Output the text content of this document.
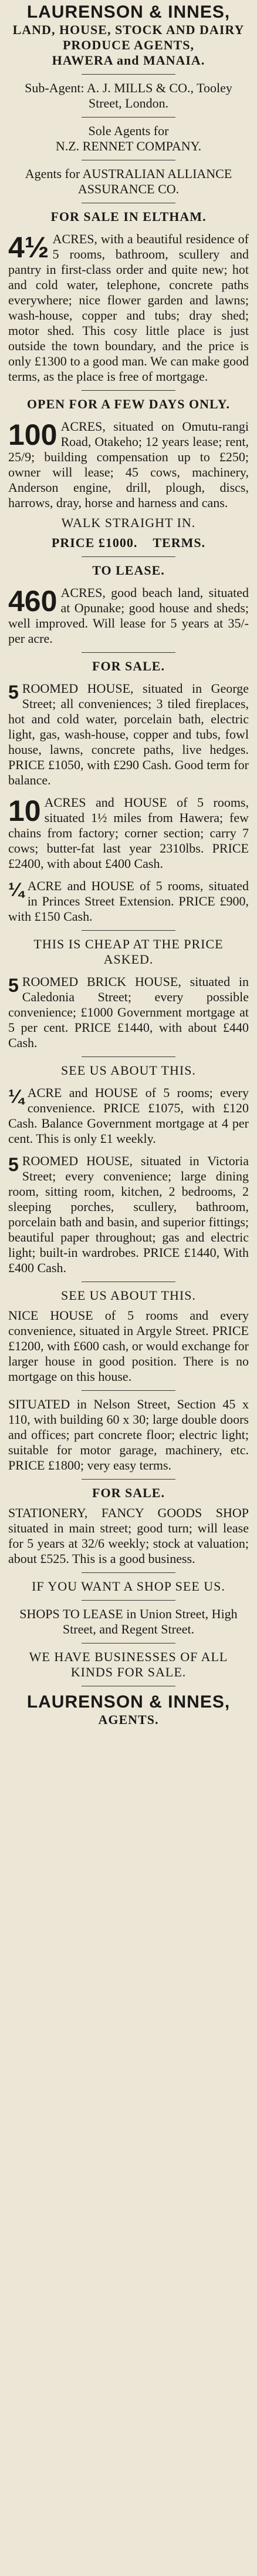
LAURENSON & INNES,

LAND, HOUSE, STOCK AND DAIRY

PRODUCE AGENTS,

HAWERA and MANAIA.

Sub-Agent: A. J. MILLS & CO., Tooley Street, London.

Sole Agents for

N.Z. RENNET COMPANY.

Agents for AUSTRALIAN ALLIANCE ASSURANCE CO.

FOR SALE IN ELTHAM.

4½ ACRES, with a beautiful residence of 5 rooms, bathroom, scullery and pantry in first-class order and quite new; hot and cold water, telephone, concrete paths everywhere; nice flower garden and lawns; wash-house, copper and tubs; dray shed; motor shed. This cosy little place is just outside the town boundary, and the price is only £1300 to a good man. We can make good terms, as the place is free of mortgage.

OPEN FOR A FEW DAYS ONLY.

100 ACRES, situated on Omutu-rangi Road, Otakeho; 12 years lease; rent, 25/9; building compensation up to £250; owner will lease; 45 cows, machinery, Anderson engine, drill, plough, discs, harrows, dray, horse and harness and cans.

WALK STRAIGHT IN.

PRICE £1000. TERMS.

TO LEASE.

460 ACRES, good beach land, situated at Opunake; good house and sheds; well improved. Will lease for 5 years at 35/- per acre.

FOR SALE.

5 ROOMED HOUSE, situated in George Street; all conveniences; 3 tiled fireplaces, hot and cold water, porcelain bath, electric light, gas, wash-house, copper and tubs, fowl house, lawns, concrete paths, live hedges. PRICE £1050, with £290 Cash. Good term for balance.

10 ACRES and HOUSE of 5 rooms, situated 1½ miles from Hawera; few chains from factory; corner section; carry 7 cows; butter-fat last year 2310lbs. PRICE £2400, with about £400 Cash.

¼ ACRE and HOUSE of 5 rooms, situated in Princes Street Extension. PRICE £900, with £150 Cash.

THIS IS CHEAP AT THE PRICE ASKED.

5 ROOMED BRICK HOUSE, situated in Caledonia Street; every possible convenience; £1000 Government mortgage at 5 per cent. PRICE £1440, with about £440 Cash.

SEE US ABOUT THIS.

¼ ACRE and HOUSE of 5 rooms; every convenience. PRICE £1075, with £120 Cash. Balance Government mortgage at 4 per cent. This is only £1 weekly.

5 ROOMED HOUSE, situated in Victoria Street; every convenience; large dining room, sitting room, kitchen, 2 bedrooms, 2 sleeping porches, scullery, bathroom, porcelain bath and basin, and superior fittings; beautiful paper throughout; gas and electric light; built-in wardrobes. PRICE £1440, With £400 Cash.

SEE US ABOUT THIS.

NICE HOUSE of 5 rooms and every convenience, situated in Argyle Street. PRICE £1200, with £600 cash, or would exchange for larger house in good position. There is no mortgage on this house.

SITUATED in Nelson Street, Section 45 x 110, with building 60 x 30; large double doors and offices; part concrete floor; electric light; suitable for motor garage, machinery, etc. PRICE £1800; very easy terms.

FOR SALE.

STATIONERY, FANCY GOODS SHOP situated in main street; good turn; will lease for 5 years at 32/6 weekly; stock at valuation; about £525. This is a good business.

IF YOU WANT A SHOP SEE US.

SHOPS TO LEASE in Union Street, High Street, and Regent Street.

WE HAVE BUSINESSES OF ALL KINDS FOR SALE.

LAURENSON & INNES,

AGENTS.
